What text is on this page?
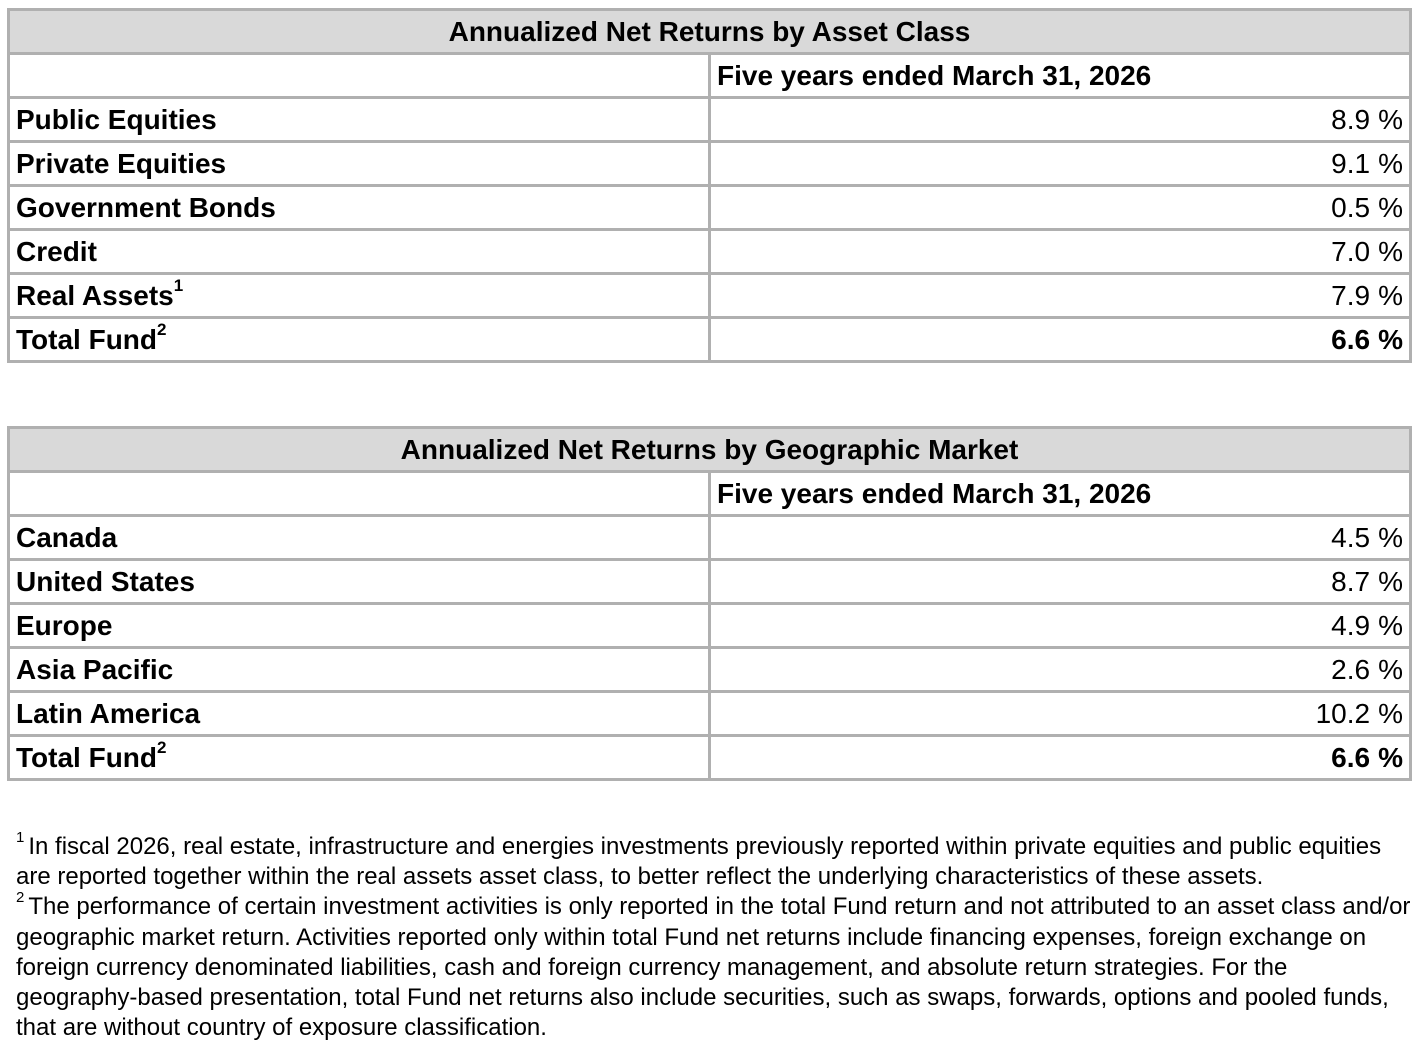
Annualized Net Returns by Asset Class	
	Five years ended March 31, 2026
Public Equities	8.9 %
Private Equities	9.1 %
Government Bonds	0.5 %
Credit	7.0 %
Real Assets$^1$	7.9 %
Total Fund$^2$	6.6 %
Annualized Net Returns by Geographic Market	
	Five years ended March 31, 2026
Canada	4.5 %
United States	8.7 %
Europe	4.9 %
Asia Pacific	2.6 %
Latin America	10.2 %
Total Fund$^2$	6.6 %

$^1$ In fiscal 2026, real estate, infrastructure and energies investments previously reported within private equities and public equities are reported together within the real assets asset class, to better reflect the underlying characteristics of these assets.

$^2$ The performance of certain investment activities is only reported in the total Fund return and not attributed to an asset class and/or geographic market return. Activities reported only within total Fund net returns include financing expenses, foreign exchange on foreign currency denominated liabilities, cash and foreign currency management, and absolute return strategies. For the geography-based presentation, total Fund net returns also include securities, such as swaps, forwards, options and pooled funds, that are without country of exposure classification.
